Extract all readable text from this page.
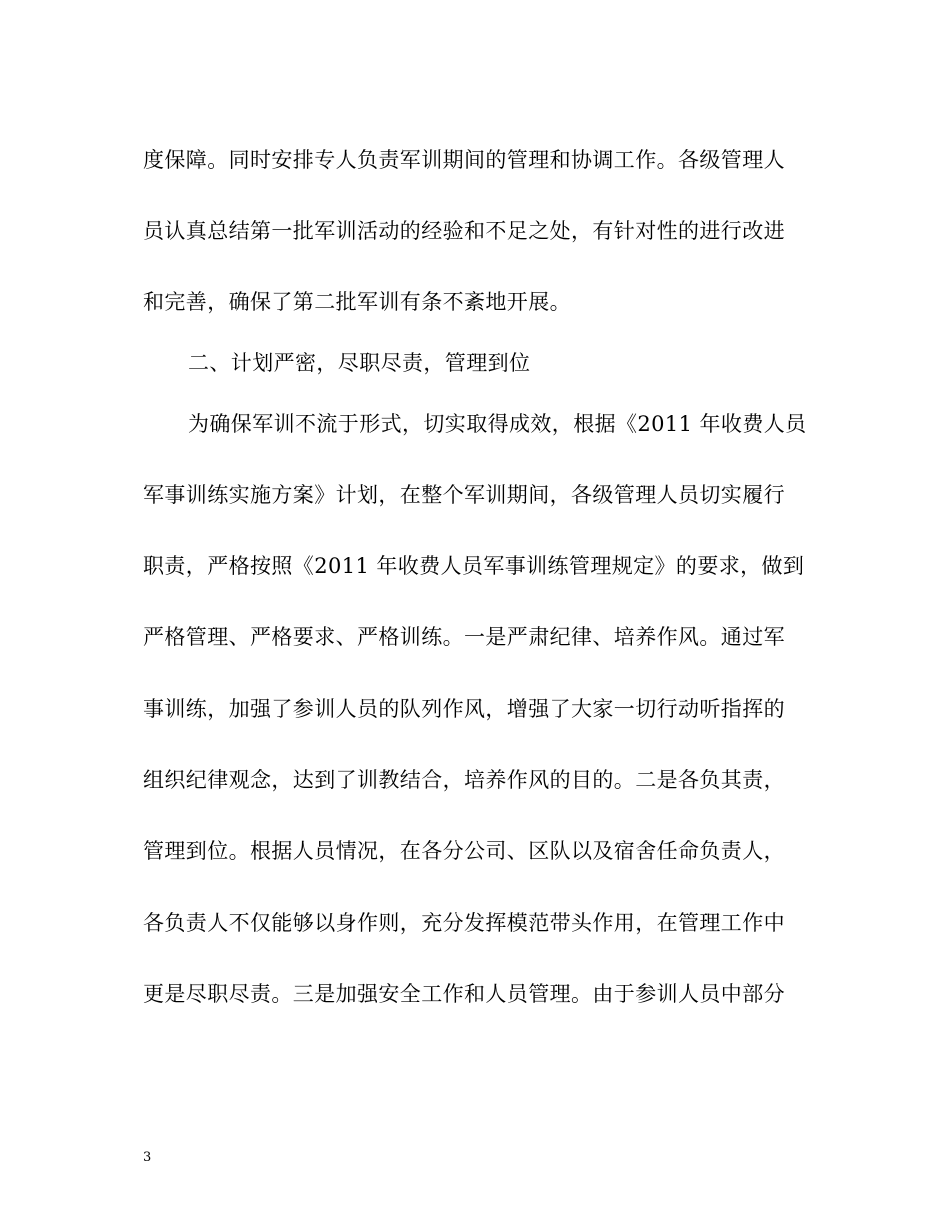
度保障。同时安排专人负责军训期间的管理和协调工作。各级管理人
员认真总结第一批军训活动的经验和不足之处，有针对性的进行改进
和完善，确保了第二批军训有条不紊地开展。
二、计划严密，尽职尽责，管理到位
为确保军训不流于形式，切实取得成效，根据《2011 年收费人员
军事训练实施方案》计划，在整个军训期间，各级管理人员切实履行
职责，严格按照《2011 年收费人员军事训练管理规定》的要求，做到
严格管理、严格要求、严格训练。一是严肃纪律、培养作风。通过军
事训练，加强了参训人员的队列作风，增强了大家一切行动听指挥的
组织纪律观念，达到了训教结合，培养作风的目的。二是各负其责，
管理到位。根据人员情况，在各分公司、区队以及宿舍任命负责人，
各负责人不仅能够以身作则，充分发挥模范带头作用，在管理工作中
更是尽职尽责。三是加强安全工作和人员管理。由于参训人员中部分
3
